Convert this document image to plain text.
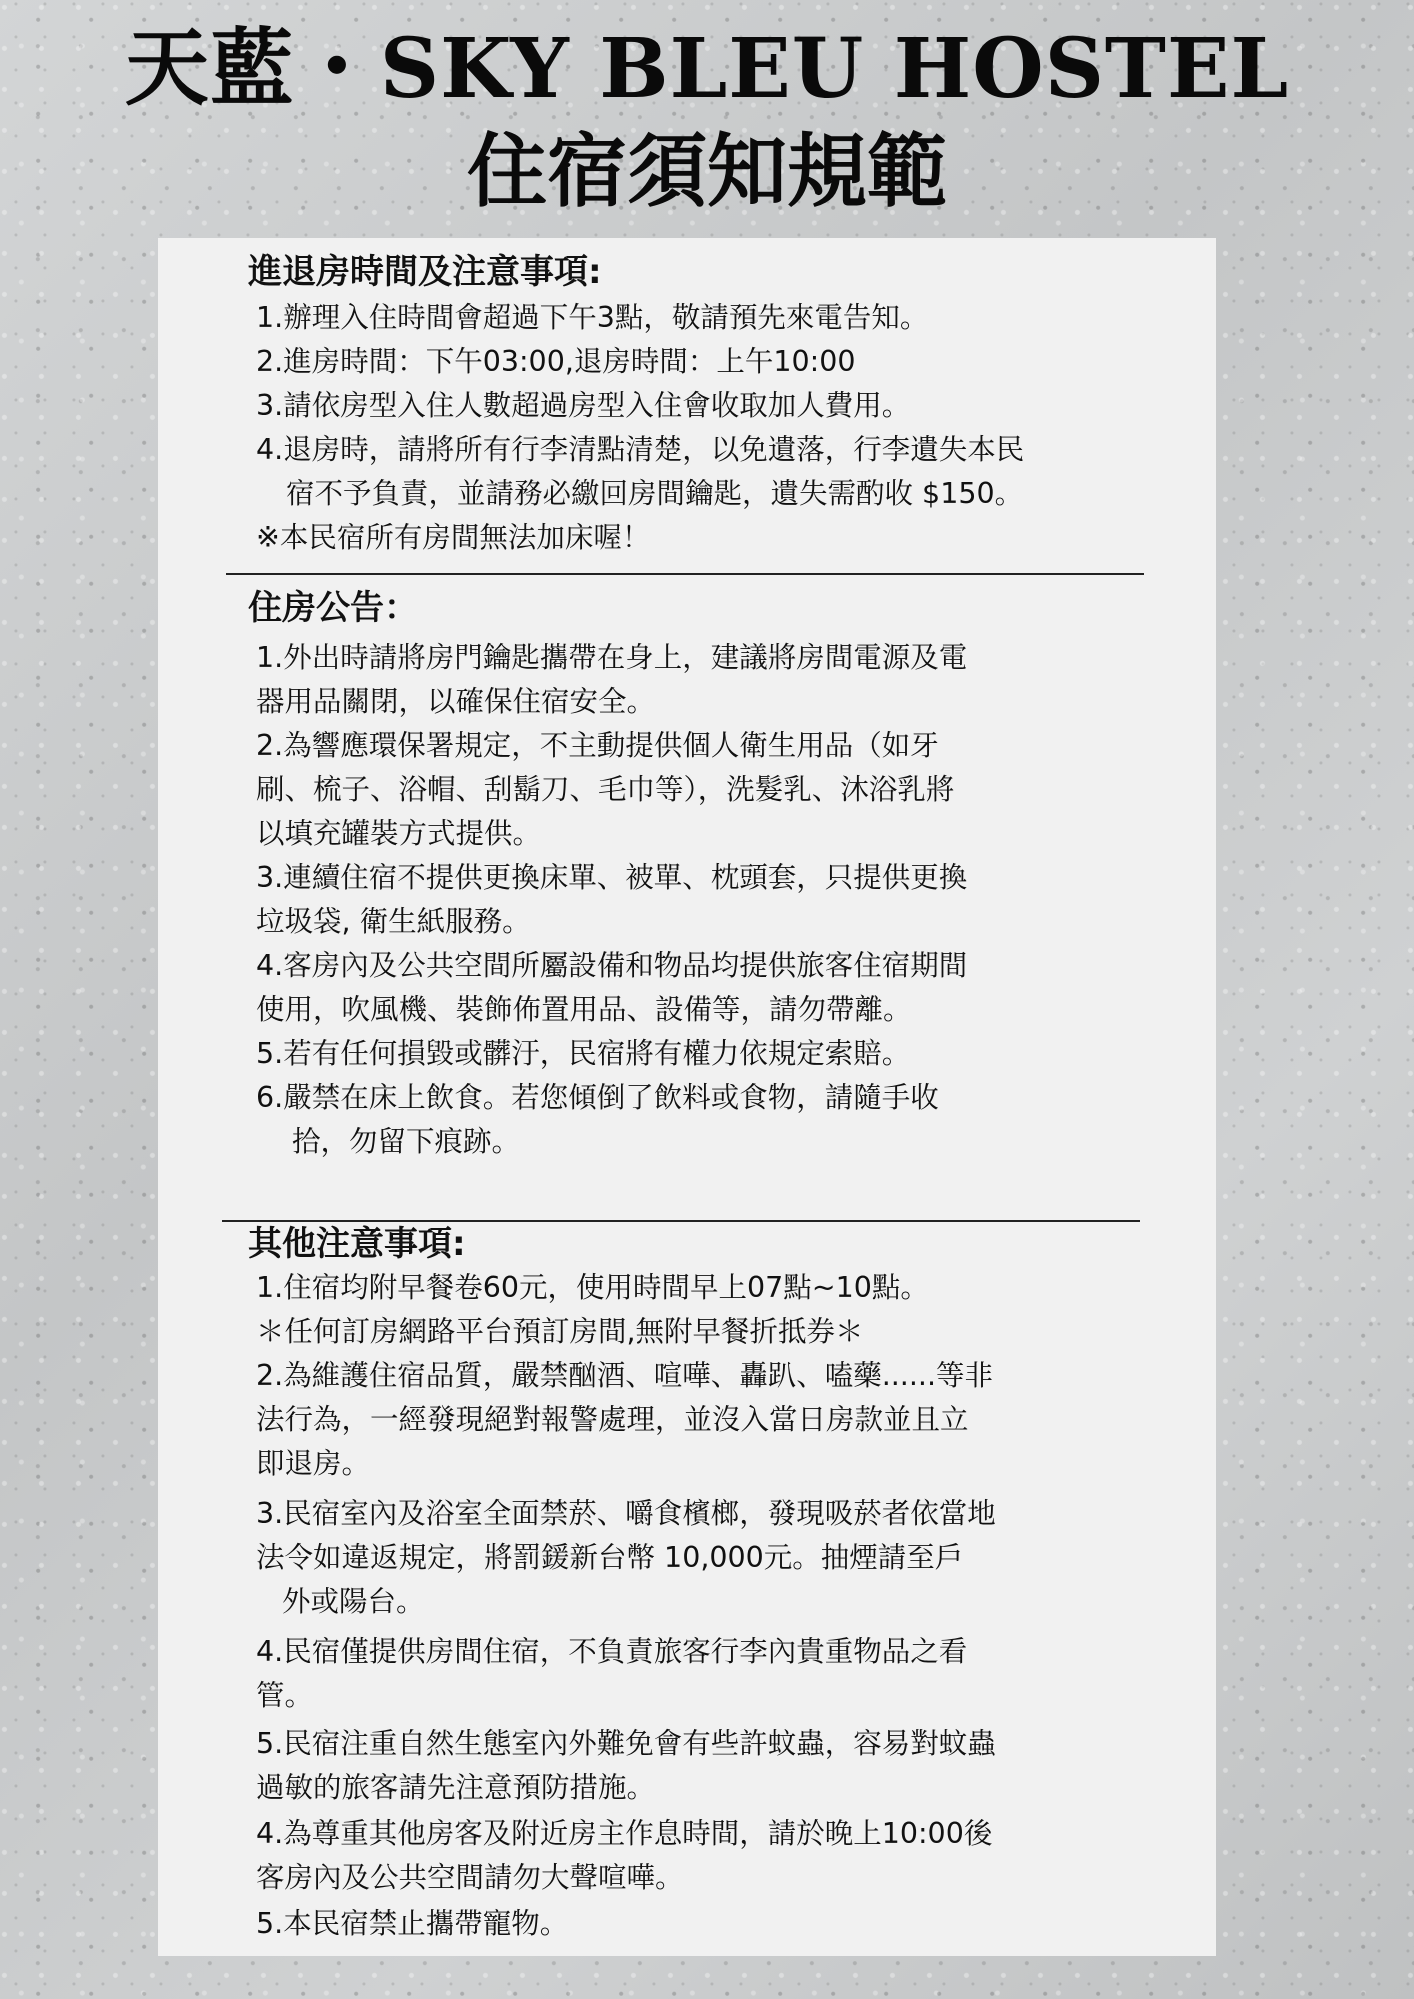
天藍・SKY BLEU HOSTEL
住宿須知規範
進退房時間及注意事項:
1.辦理入住時間會超過下午3點，敬請預先來電告知。
2.進房時間：下午03:00,退房時間：上午10:00
3.請依房型入住人數超過房型入住會收取加人費用。
4.退房時，請將所有行李清點清楚，以免遺落，行李遺失本民
宿不予負責，並請務必繳回房間鑰匙，遺失需酌收 $150。
※本民宿所有房間無法加床喔！
住房公告：
1.外出時請將房門鑰匙攜帶在身上，建議將房間電源及電
器用品關閉，以確保住宿安全。
2.為響應環保署規定，不主動提供個人衛生用品（如牙
刷、梳子、浴帽、刮鬍刀、毛巾等），洗髮乳、沐浴乳將
以填充罐裝方式提供。
3.連續住宿不提供更換床單、被單、枕頭套，只提供更換
垃圾袋, 衛生紙服務。
4.客房內及公共空間所屬設備和物品均提供旅客住宿期間
使用，吹風機、裝飾佈置用品、設備等，請勿帶離。
5.若有任何損毀或髒汙，民宿將有權力依規定索賠。
6.嚴禁在床上飲食。若您傾倒了飲料或食物，請隨手收
拾，勿留下痕跡。
其他注意事項:
1.住宿均附早餐卷60元，使用時間早上07點~10點。
＊任何訂房網路平台預訂房間,無附早餐折抵券＊
2.為維護住宿品質，嚴禁酗酒、喧嘩、轟趴、嗑藥......等非
法行為，一經發現絕對報警處理，並沒入當日房款並且立
即退房。
3.民宿室內及浴室全面禁菸、嚼食檳榔，發現吸菸者依當地
法令如違返規定，將罰鍰新台幣 10,000元。抽煙請至戶
外或陽台。
4.民宿僅提供房間住宿，不負責旅客行李內貴重物品之看
管。
5.民宿注重自然生態室內外難免會有些許蚊蟲，容易對蚊蟲
過敏的旅客請先注意預防措施。
4.為尊重其他房客及附近房主作息時間，請於晚上10:00後
客房內及公共空間請勿大聲喧嘩。
5.本民宿禁止攜帶寵物。
